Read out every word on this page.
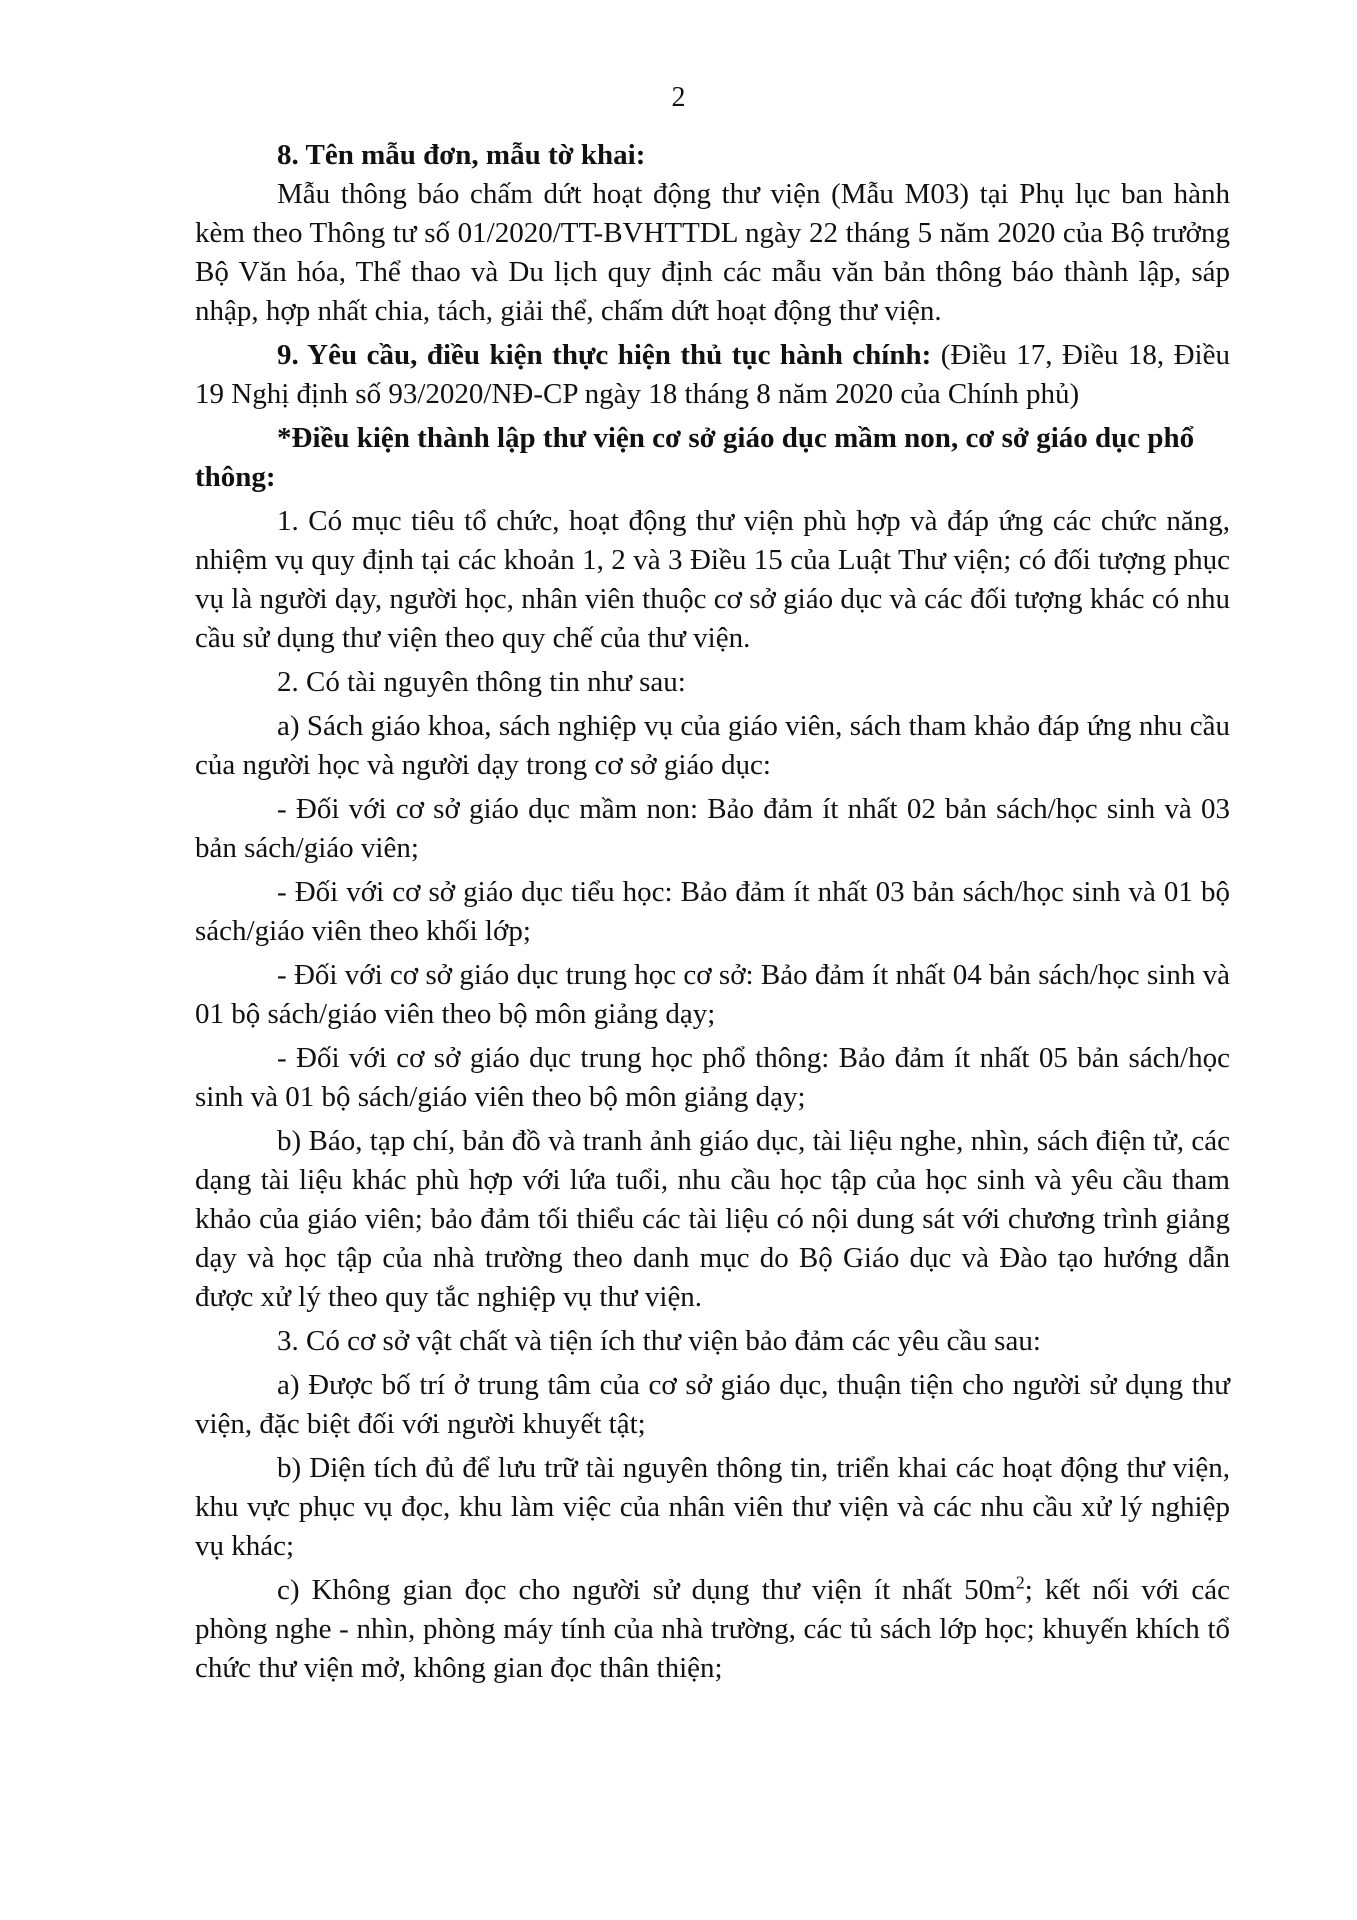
2

8. Tên mẫu đơn, mẫu tờ khai:

Mẫu thông báo chấm dứt hoạt động thư viện (Mẫu M03) tại Phụ lục ban hành kèm theo Thông tư số 01/2020/TT-BVHTTDL ngày 22 tháng 5 năm 2020 của Bộ trưởng Bộ Văn hóa, Thể thao và Du lịch quy định các mẫu văn bản thông báo thành lập, sáp nhập, hợp nhất chia, tách, giải thể, chấm dứt hoạt động thư viện.

9. Yêu cầu, điều kiện thực hiện thủ tục hành chính: (Điều 17, Điều 18, Điều 19 Nghị định số 93/2020/NĐ-CP ngày 18 tháng 8 năm 2020 của Chính phủ)

*Điều kiện thành lập thư viện cơ sở giáo dục mầm non, cơ sở giáo dục phổ thông:

1. Có mục tiêu tổ chức, hoạt động thư viện phù hợp và đáp ứng các chức năng, nhiệm vụ quy định tại các khoản 1, 2 và 3 Điều 15 của Luật Thư viện; có đối tượng phục vụ là người dạy, người học, nhân viên thuộc cơ sở giáo dục và các đối tượng khác có nhu cầu sử dụng thư viện theo quy chế của thư viện.

2. Có tài nguyên thông tin như sau:

a) Sách giáo khoa, sách nghiệp vụ của giáo viên, sách tham khảo đáp ứng nhu cầu của người học và người dạy trong cơ sở giáo dục:

- Đối với cơ sở giáo dục mầm non: Bảo đảm ít nhất 02 bản sách/học sinh và 03 bản sách/giáo viên;

- Đối với cơ sở giáo dục tiểu học: Bảo đảm ít nhất 03 bản sách/học sinh và 01 bộ sách/giáo viên theo khối lớp;

- Đối với cơ sở giáo dục trung học cơ sở: Bảo đảm ít nhất 04 bản sách/học sinh và 01 bộ sách/giáo viên theo bộ môn giảng dạy;

- Đối với cơ sở giáo dục trung học phổ thông: Bảo đảm ít nhất 05 bản sách/học sinh và 01 bộ sách/giáo viên theo bộ môn giảng dạy;

b) Báo, tạp chí, bản đồ và tranh ảnh giáo dục, tài liệu nghe, nhìn, sách điện tử, các dạng tài liệu khác phù hợp với lứa tuổi, nhu cầu học tập của học sinh và yêu cầu tham khảo của giáo viên; bảo đảm tối thiểu các tài liệu có nội dung sát với chương trình giảng dạy và học tập của nhà trường theo danh mục do Bộ Giáo dục và Đào tạo hướng dẫn được xử lý theo quy tắc nghiệp vụ thư viện.

3. Có cơ sở vật chất và tiện ích thư viện bảo đảm các yêu cầu sau:

a) Được bố trí ở trung tâm của cơ sở giáo dục, thuận tiện cho người sử dụng thư viện, đặc biệt đối với người khuyết tật;

b) Diện tích đủ để lưu trữ tài nguyên thông tin, triển khai các hoạt động thư viện, khu vực phục vụ đọc, khu làm việc của nhân viên thư viện và các nhu cầu xử lý nghiệp vụ khác;

c) Không gian đọc cho người sử dụng thư viện ít nhất $50m^2$; kết nối với các phòng nghe - nhìn, phòng máy tính của nhà trường, các tủ sách lớp học; khuyến khích tổ chức thư viện mở, không gian đọc thân thiện;
